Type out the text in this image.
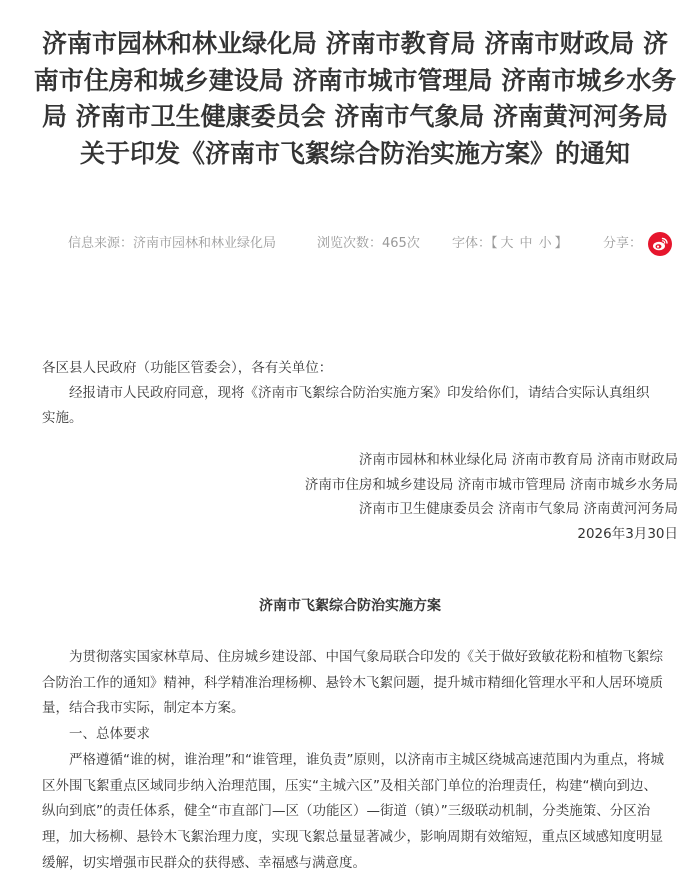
济南市园林和林业绿化局 济南市教育局 济南市财政局 济南市住房和城乡建设局 济南市城市管理局 济南市城乡水务局 济南市卫生健康委员会 济南市气象局 济南黄河河务局关于印发《济南市飞絮综合防治实施方案》的通知
信息来源：济南市园林和林业绿化局	浏览次数：465次 字体：【 大 中 小 】	分享：

各区县人民政府（功能区管委会），各有关单位：

经报请市人民政府同意，现将《济南市飞絮综合防治实施方案》印发给你们，请结合实际认真组织实施。

济南市园林和林业绿化局 济南市教育局 济南市财政局

济南市住房和城乡建设局 济南市城市管理局 济南市城乡水务局

济南市卫生健康委员会 济南市气象局 济南黄河河务局

2026年3月30日

济南市飞絮综合防治实施方案

为贯彻落实国家林草局、住房城乡建设部、中国气象局联合印发的《关于做好致敏花粉和植物飞絮综合防治工作的通知》精神，科学精准治理杨柳、悬铃木飞絮问题，提升城市精细化管理水平和人居环境质量，结合我市实际，制定本方案。

一、总体要求

严格遵循“谁的树，谁治理”和“谁管理，谁负责”原则，以济南市主城区绕城高速范围内为重点，将城区外围飞絮重点区域同步纳入治理范围，压实“主城六区”及相关部门单位的治理责任，构建“横向到边、纵向到底”的责任体系，健全“市直部门—区（功能区）—街道（镇）”三级联动机制，分类施策、分区治理，加大杨柳、悬铃木飞絮治理力度，实现飞絮总量显著减少，影响周期有效缩短，重点区域感知度明显缓解，切实增强市民群众的获得感、幸福感与满意度。
